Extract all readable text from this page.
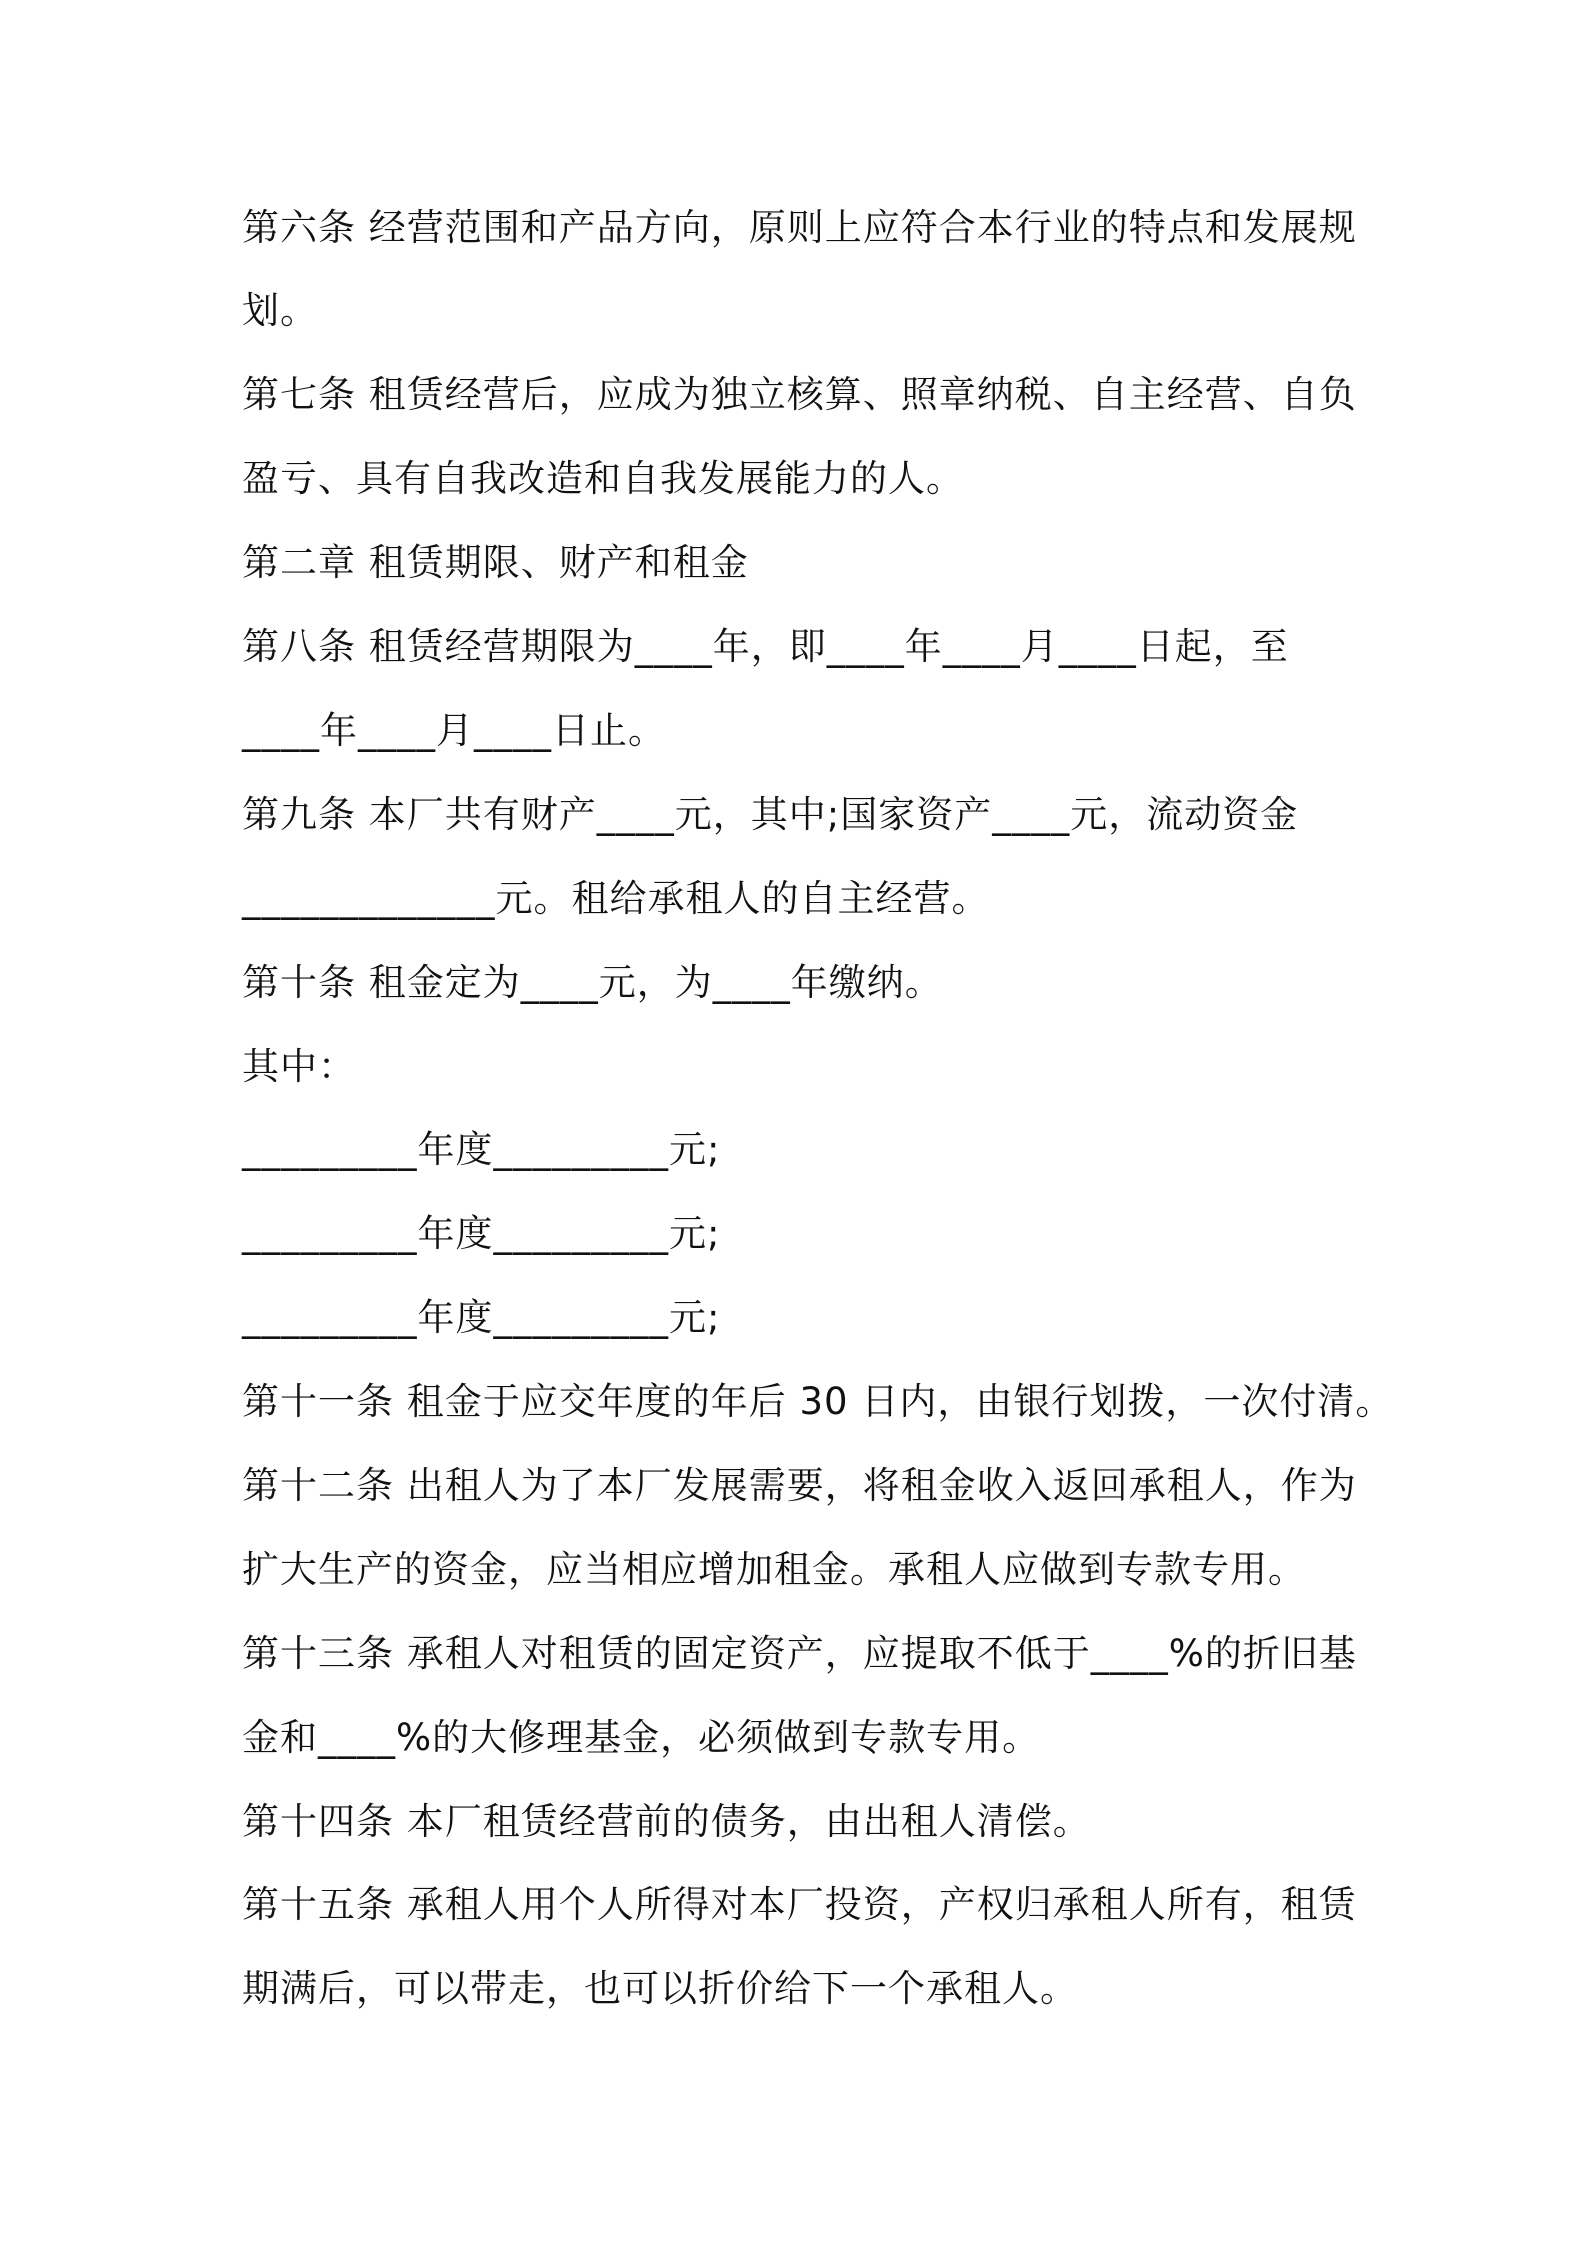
第六条 经营范围和产品方向，原则上应符合本行业的特点和发展规
划。
第七条 租赁经营后，应成为独立核算、照章纳税、自主经营、自负
盈亏、具有自我改造和自我发展能力的人。
第二章 租赁期限、财产和租金
第八条 租赁经营期限为____年，即____年____月____日起，至
____年____月____日止。
第九条 本厂共有财产____元，其中;国家资产____元，流动资金
_____________元。租给承租人的自主经营。
第十条 租金定为____元，为____年缴纳。
其中：
_________年度_________元;
_________年度_________元;
_________年度_________元;
第十一条 租金于应交年度的年后 30 日内，由银行划拨，一次付清。
第十二条 出租人为了本厂发展需要，将租金收入返回承租人，作为
扩大生产的资金，应当相应增加租金。承租人应做到专款专用。
第十三条 承租人对租赁的固定资产，应提取不低于____%的折旧基
金和____%的大修理基金，必须做到专款专用。
第十四条 本厂租赁经营前的债务，由出租人清偿。
第十五条 承租人用个人所得对本厂投资，产权归承租人所有，租赁
期满后，可以带走，也可以折价给下一个承租人。
